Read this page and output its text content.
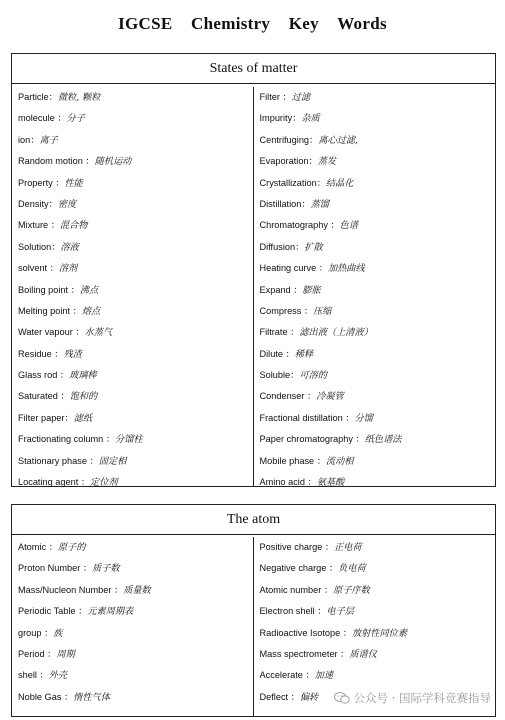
IGCSE Chemistry Key Words
States of matter
Particle：微粒, 颗粒
molecule ：分子
ion：离子
Random motion ：随机运动
Property ：性能
Density：密度
Mixture ：混合物
Solution：溶液
solvent ：溶剂
Boiling point ：沸点
Melting point ：熔点
Water vapour ：水蒸气
Residue ：残渣
Glass rod ：玻璃棒
Saturated ：饱和的
Filter paper：滤纸
Fractionating column ：分馏柱
Stationary phase ：固定相
Locating agent ：定位剂
Filter ：过滤
Impurity：杂质
Centrifuging：离心过滤,
Evaporation：蒸发
Crystallization：结晶化
Distillation：蒸馏
Chromatography ：色谱
Diffusion：扩散
Heating curve ：加热曲线
Expand ：膨胀
Compress ：压缩
Filtrate ：滤出液（上清液）
Dilute ：稀释
Soluble：可溶的
Condenser ：冷凝管
Fractional distillation ：分馏
Paper chromatography ：纸色谱法
Mobile phase ：流动相
Amino acid ：氨基酸
The atom
Atomic ：原子的
Proton Number ：质子数
Mass/Nucleon Number ：质量数
Periodic Table ：元素周期表
group ：族
Period ：周期
shell ：外壳
Noble Gas ：惰性气体
Positive charge ：正电荷
Negative charge ：负电荷
Atomic number ：原子序数
Electron shell ：电子层
Radioactive Isotope ：放射性同位素
Mass spectrometer ：质谱仪
Accelerate ：加速
Deflect ：偏转	公众号 · 国际学科竞赛指导
